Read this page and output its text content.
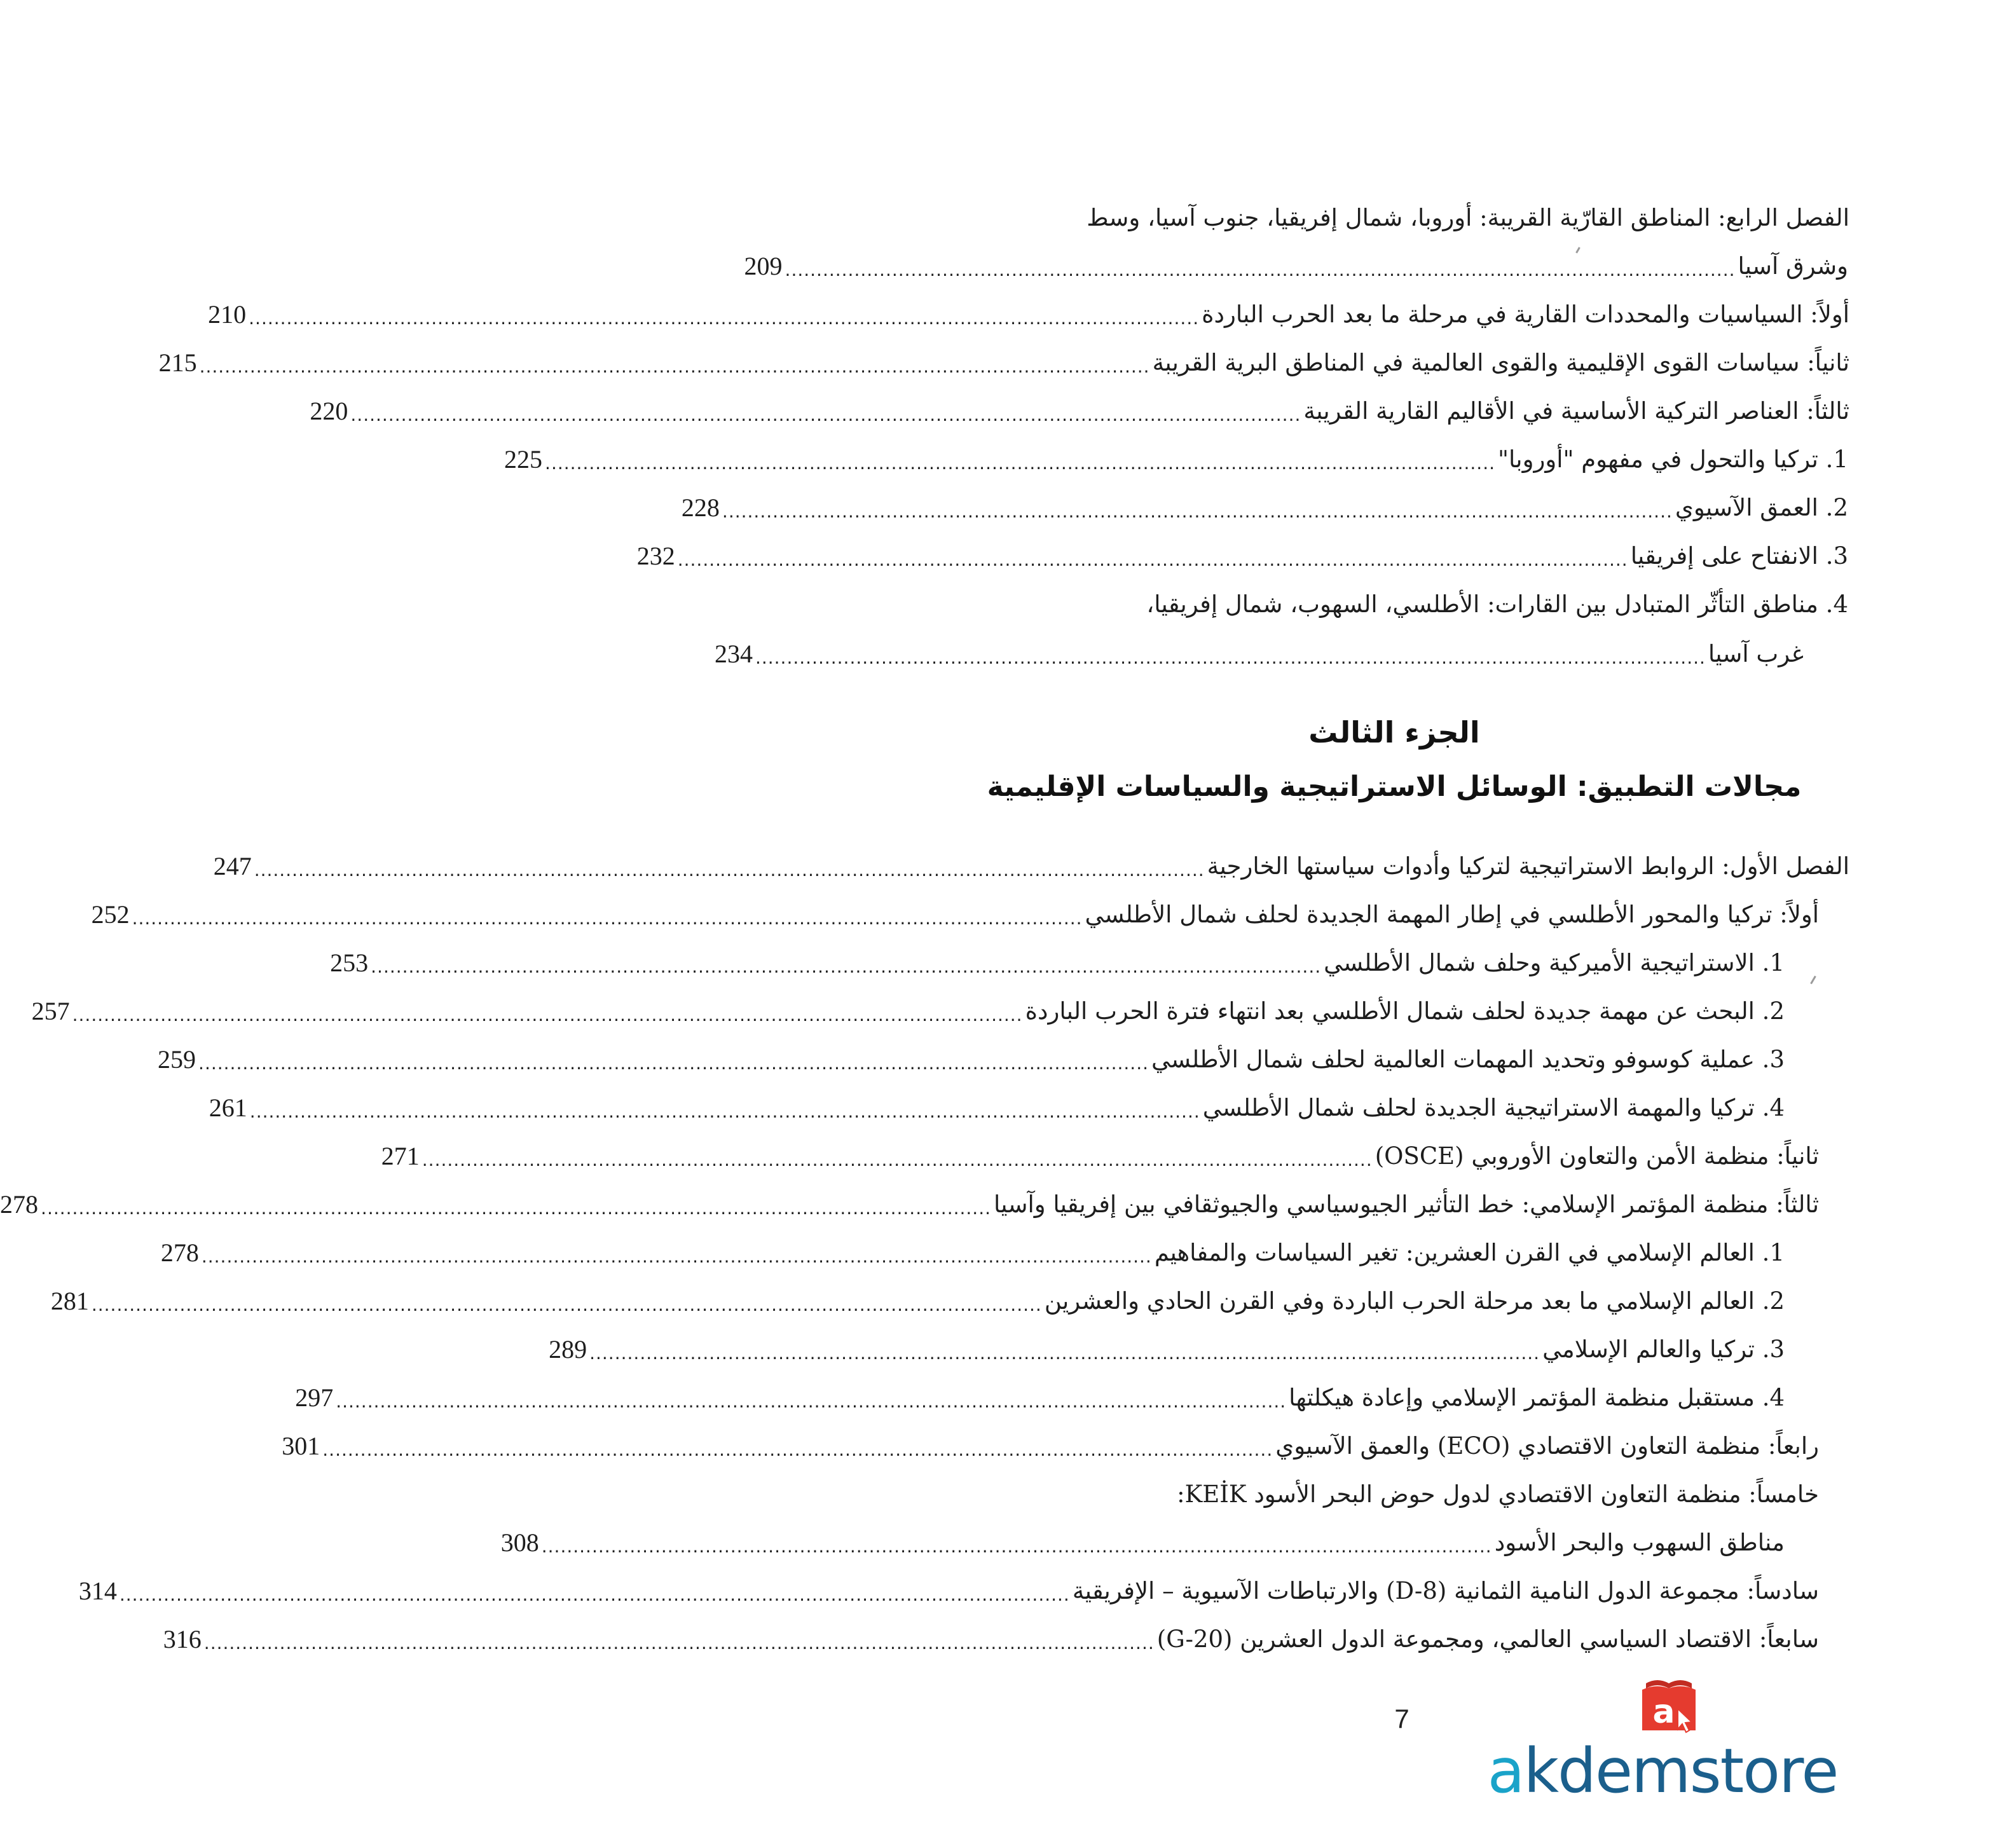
الفصل الرابع: المناطق القارّية القريبة: أوروبا، شمال إفريقيا، جنوب آسيا، وسط
وشرق آسيا
.......................................................................................................................................................
209
أولاً: السياسيات والمحددات القارية في مرحلة ما بعد الحرب الباردة
.......................................................................................................................................................
210
ثانياً: سياسات القوى الإقليمية والقوى العالمية في المناطق البرية القريبة
.......................................................................................................................................................
215
ثالثاً: العناصر التركية الأساسية في الأقاليم القارية القريبة
.......................................................................................................................................................
220
1. تركيا والتحول في مفهوم "أوروبا"
.......................................................................................................................................................
225
2. العمق الآسيوي
.......................................................................................................................................................
228
3. الانفتاح على إفريقيا
.......................................................................................................................................................
232
4. مناطق التأثّر المتبادل بين القارات: الأطلسي، السهوب، شمال إفريقيا،
غرب آسيا
.......................................................................................................................................................
234
الجزء الثالث
مجالات التطبيق: الوسائل الاستراتيجية والسياسات الإقليمية
الفصل الأول: الروابط الاستراتيجية لتركيا وأدوات سياستها الخارجية
.......................................................................................................................................................
247
أولاً: تركيا والمحور الأطلسي في إطار المهمة الجديدة لحلف شمال الأطلسي
.......................................................................................................................................................
252
1. الاستراتيجية الأميركية وحلف شمال الأطلسي
.......................................................................................................................................................
253
2. البحث عن مهمة جديدة لحلف شمال الأطلسي بعد انتهاء فترة الحرب الباردة
.......................................................................................................................................................
257
3. عملية كوسوفو وتحديد المهمات العالمية لحلف شمال الأطلسي
.......................................................................................................................................................
259
4. تركيا والمهمة الاستراتيجية الجديدة لحلف شمال الأطلسي
.......................................................................................................................................................
261
ثانياً: منظمة الأمن والتعاون الأوروبي (OSCE)
.......................................................................................................................................................
271
ثالثاً: منظمة المؤتمر الإسلامي: خط التأثير الجيوسياسي والجيوثقافي بين إفريقيا وآسيا
.......................................................................................................................................................
278
1. العالم الإسلامي في القرن العشرين: تغير السياسات والمفاهيم
.......................................................................................................................................................
278
2. العالم الإسلامي ما بعد مرحلة الحرب الباردة وفي القرن الحادي والعشرين
.......................................................................................................................................................
281
3. تركيا والعالم الإسلامي
.......................................................................................................................................................
289
4. مستقبل منظمة المؤتمر الإسلامي وإعادة هيكلتها
.......................................................................................................................................................
297
رابعاً: منظمة التعاون الاقتصادي (ECO) والعمق الآسيوي
.......................................................................................................................................................
301
خامساً: منظمة التعاون الاقتصادي لدول حوض البحر الأسود KEİK:
مناطق السهوب والبحر الأسود
.......................................................................................................................................................
308
سادساً: مجموعة الدول النامية الثمانية (D-8) والارتباطات الآسيوية – الإفريقية
.......................................................................................................................................................
314
سابعاً: الاقتصاد السياسي العالمي، ومجموعة الدول العشرين (G-20)
.......................................................................................................................................................
316
7	a
akdemstore
